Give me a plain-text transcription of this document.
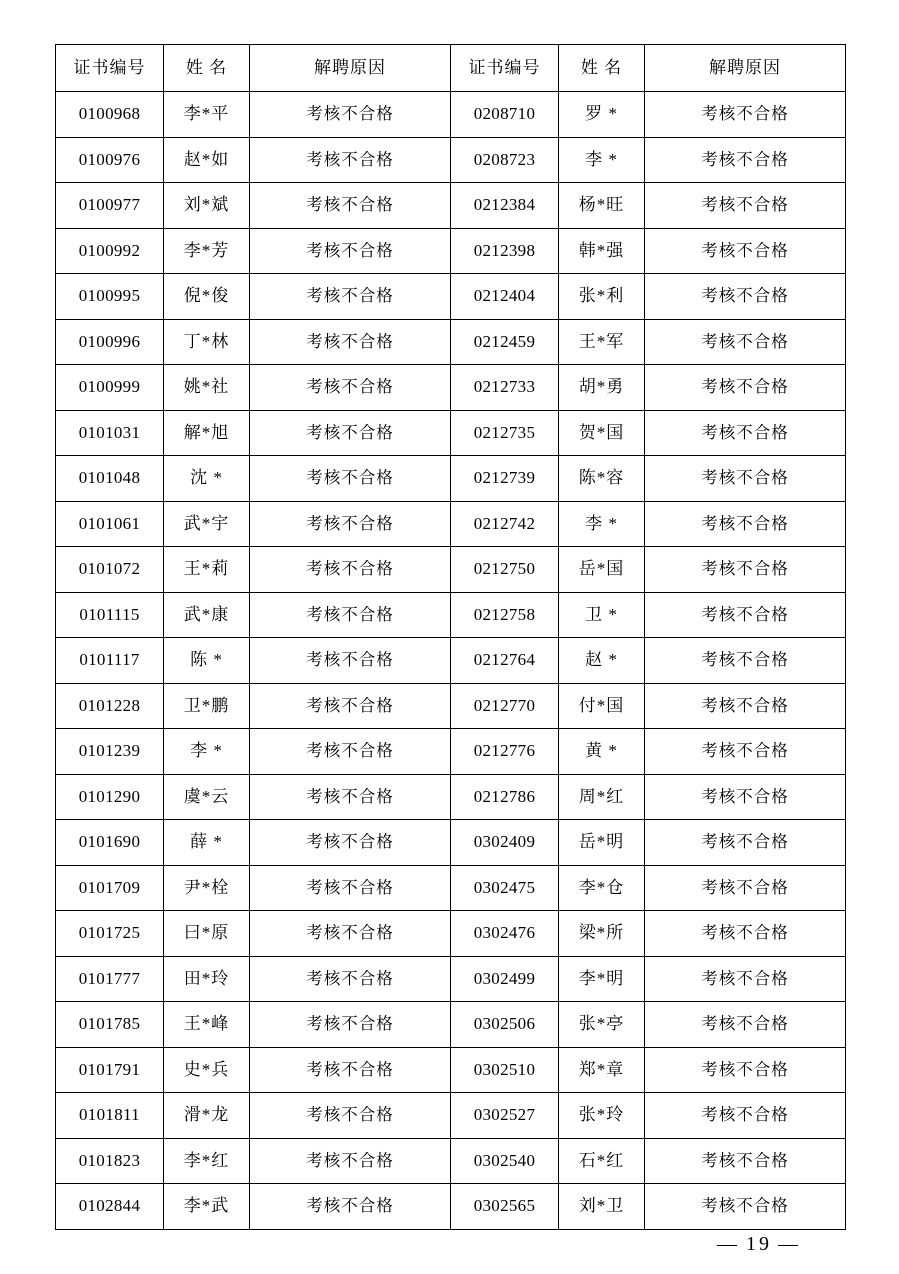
证书编号	姓 名	解聘原因	证书编号	姓 名	解聘原因
0100968	李*平	考核不合格	0208710	罗 *	考核不合格
0100976	赵*如	考核不合格	0208723	李 *	考核不合格
0100977	刘*斌	考核不合格	0212384	杨*旺	考核不合格
0100992	李*芳	考核不合格	0212398	韩*强	考核不合格
0100995	倪*俊	考核不合格	0212404	张*利	考核不合格
0100996	丁*林	考核不合格	0212459	王*军	考核不合格
0100999	姚*社	考核不合格	0212733	胡*勇	考核不合格
0101031	解*旭	考核不合格	0212735	贺*国	考核不合格
0101048	沈 *	考核不合格	0212739	陈*容	考核不合格
0101061	武*宇	考核不合格	0212742	李 *	考核不合格
0101072	王*莉	考核不合格	0212750	岳*国	考核不合格
0101115	武*康	考核不合格	0212758	卫 *	考核不合格
0101117	陈 *	考核不合格	0212764	赵 *	考核不合格
0101228	卫*鹏	考核不合格	0212770	付*国	考核不合格
0101239	李 *	考核不合格	0212776	黄 *	考核不合格
0101290	虞*云	考核不合格	0212786	周*红	考核不合格
0101690	薛 *	考核不合格	0302409	岳*明	考核不合格
0101709	尹*栓	考核不合格	0302475	李*仓	考核不合格
0101725	曰*原	考核不合格	0302476	梁*所	考核不合格
0101777	田*玲	考核不合格	0302499	李*明	考核不合格
0101785	王*峰	考核不合格	0302506	张*亭	考核不合格
0101791	史*兵	考核不合格	0302510	郑*章	考核不合格
0101811	滑*龙	考核不合格	0302527	张*玲	考核不合格
0101823	李*红	考核不合格	0302540	石*红	考核不合格
0102844	李*武	考核不合格	0302565	刘*卫	考核不合格
— 19 —
